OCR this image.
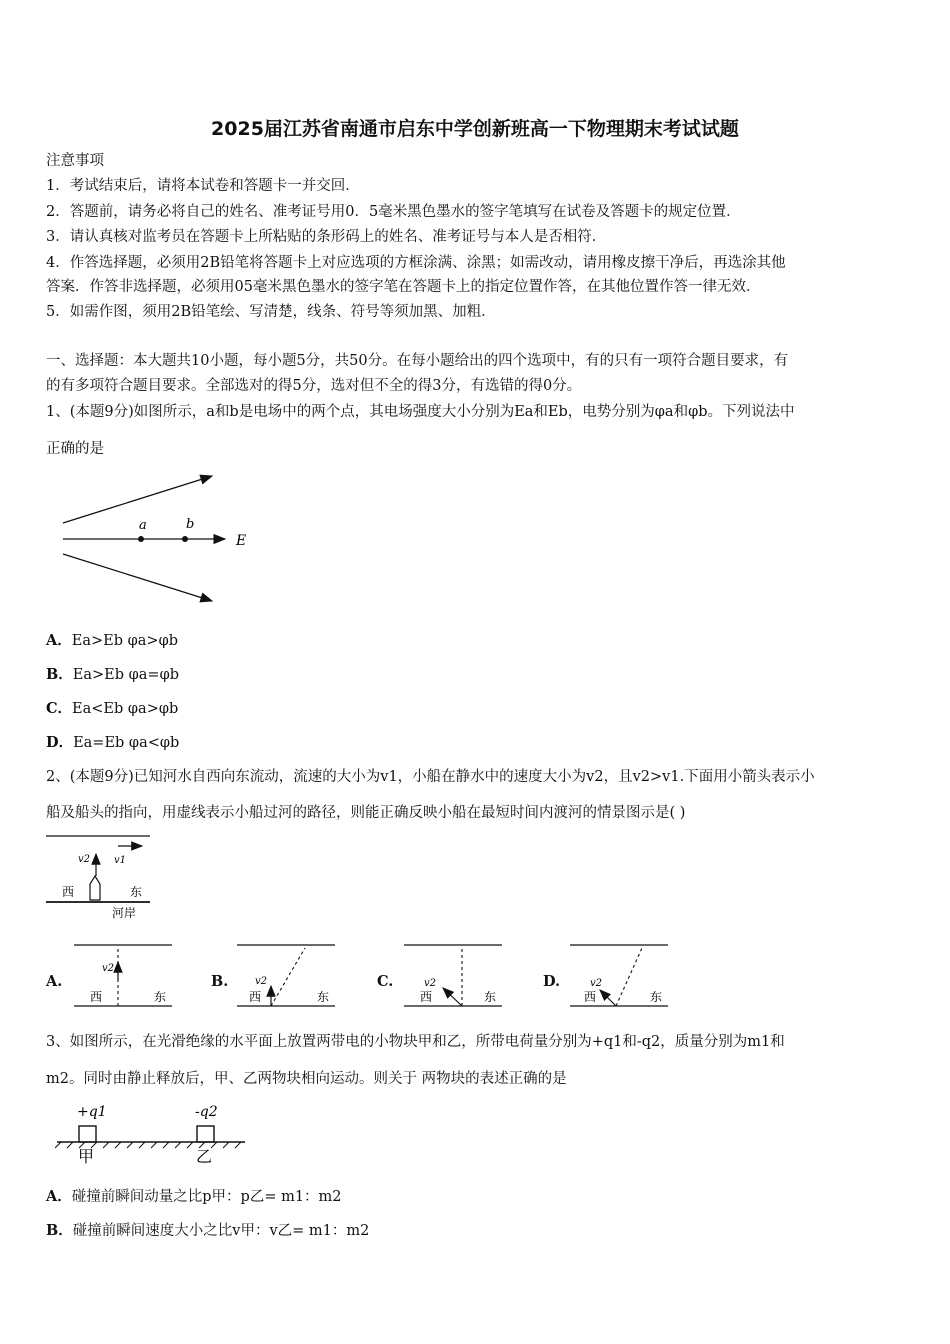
2025届江苏省南通市启东中学创新班高一下物理期末考试试题
注意事项
1．考试结束后，请将本试卷和答题卡一并交回．
2．答题前，请务必将自己的姓名、准考证号用0．5毫米黑色墨水的签字笔填写在试卷及答题卡的规定位置．
3．请认真核对监考员在答题卡上所粘贴的条形码上的姓名、准考证号与本人是否相符．
4．作答选择题，必须用2B铅笔将答题卡上对应选项的方框涂满、涂黑；如需改动，请用橡皮擦干净后，再选涂其他
答案．作答非选择题，必须用05毫米黑色墨水的签字笔在答题卡上的指定位置作答，在其他位置作答一律无效．
5．如需作图，须用2B铅笔绘、写清楚，线条、符号等须加黑、加粗．
一、选择题：本大题共10小题，每小题5分，共50分。在每小题给出的四个选项中，有的只有一项符合题目要求，有
的有多项符合题目要求。全部选对的得5分，选对但不全的得3分，有选错的得0分。
1、(本题9分)如图所示，a和b是电场中的两个点，其电场强度大小分别为Ea和Eb，电势分别为φa和φb。下列说法中
正确的是
a	b
E
A．Ea>Eb φa>φb
B．Ea>Eb φa=φb
C．Ea<Eb φa>φb
D．Ea=Eb φa<φb
2、(本题9分)已知河水自西向东流动，流速的大小为v1，小船在静水中的速度大小为v2，且v2>v1.下面用小箭头表示小
船及船头的指向，用虚线表示小船过河的路径，则能正确反映小船在最短时间内渡河的情景图示是( )
v1
v2
西	东
河岸
A.
v2
西	东
B.	v2
西	东
C.	v2
西	东
D.	v2
西	东
3、如图所示，在光滑绝缘的水平面上放置两带电的小物块甲和乙，所带电荷量分别为+q1和-q2，质量分别为m1和
m2。同时由静止释放后，甲、乙两物块相向运动。则关于 两物块的表述正确的是
+q1	-q2
甲	乙
A．碰撞前瞬间动量之比p甲：p乙= m1：m2
B．碰撞前瞬间速度大小之比v甲：v乙= m1：m2
